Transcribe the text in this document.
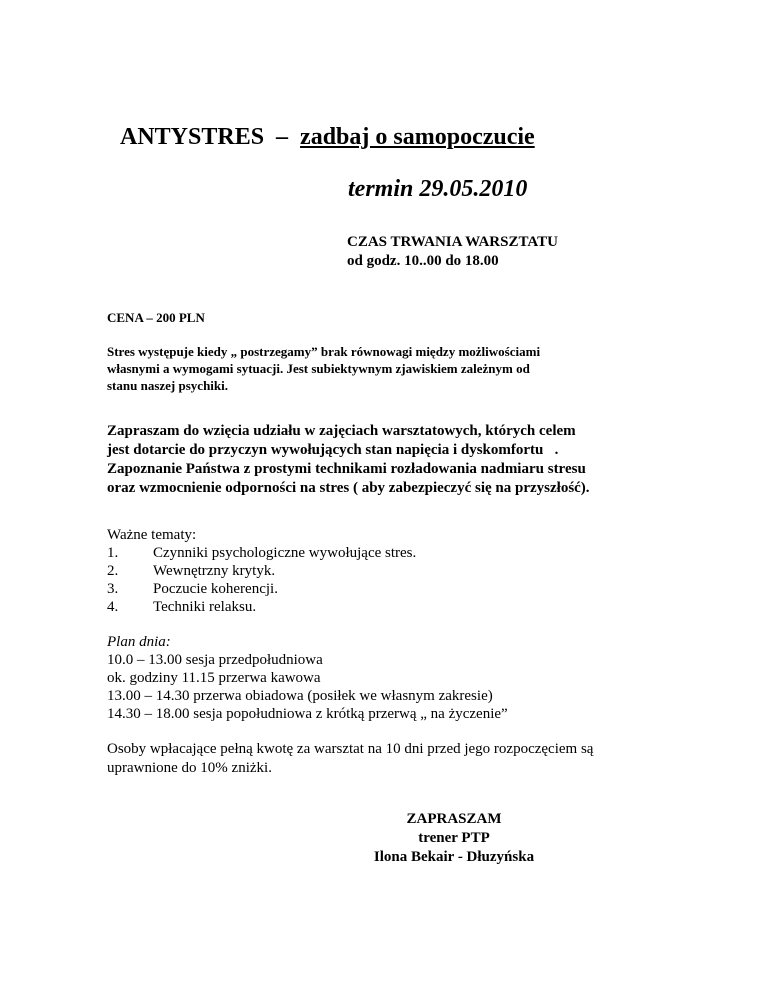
ANTYSTRES  –  zadbaj o samopoczucie
termin 29.05.2010
CZAS TRWANIA WARSZTATU
od godz. 10..00 do 18.00
CENA – 200 PLN
Stres występuje kiedy „ postrzegamy” brak równowagi między możliwościami
własnymi a wymogami sytuacji. Jest subiektywnym zjawiskiem zależnym od
stanu naszej psychiki.
Zapraszam do wzięcia udziału w zajęciach warsztatowych, których celem
jest dotarcie do przyczyn wywołujących stan napięcia i dyskomfortu   .
Zapoznanie Państwa z prostymi technikami rozładowania nadmiaru stresu
oraz wzmocnienie odporności na stres ( aby zabezpieczyć się na przyszłość).
Ważne tematy:
1. Czynniki psychologiczne wywołujące stres.
2. Wewnętrzny krytyk.
3. Poczucie koherencji.
4. Techniki relaksu.
Plan dnia:
10.0 – 13.00 sesja przedpołudniowa
ok. godziny 11.15 przerwa kawowa
13.00 – 14.30 przerwa obiadowa (posiłek we własnym zakresie)
14.30 – 18.00 sesja popołudniowa z krótką przerwą „ na życzenie”
Osoby wpłacające pełną kwotę za warsztat na 10 dni przed jego rozpoczęciem są
uprawnione do 10% zniżki.
ZAPRASZAM
trener PTP
Ilona Bekair - Dłuzyńska
